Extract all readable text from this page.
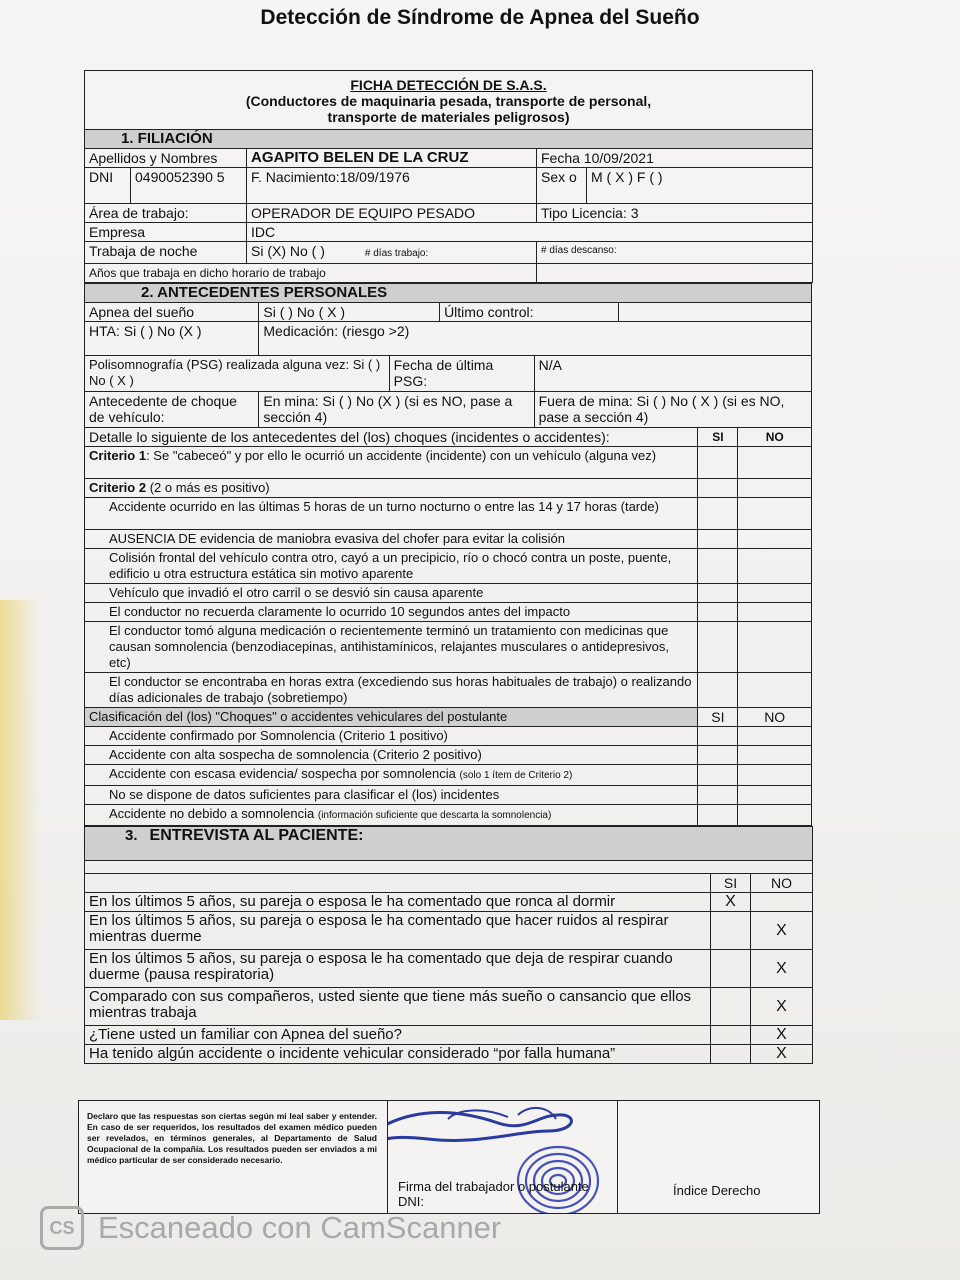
Detección de Síndrome de Apnea del Sueño
FICHA DETECCIÓN DE S.A.S.
(Conductores de maquinaria pesada, transporte de personal,
transporte de materiales peligrosos)				

1. FILIACIÓN				
Apellidos y Nombres		AGAPITO BELEN DE LA CRUZ	Fecha 10/09/2021	
DNI	0490052390 5	F. Nacimiento:18/09/1976	Sex o	M ( X ) F ( )
Área de trabajo:		OPERADOR DE EQUIPO PESADO	Tipo Licencia: 3	
Empresa		IDC		
Trabaja de noche		Si (X) No ( ) # días trabajo:	# días descanso:	
Años que trabaja en dicho horario de trabajo				
2. ANTECEDENTES PERSONALES							
Apnea del sueño	Si ( ) No ( X )		Último control:				
HTA: Si ( ) No (X )	Medicación: (riesgo >2)						
Polisomnografía (PSG) realizada alguna vez: Si ( ) No ( X )		Fecha de última PSG:		N/A			
Antecedente de choque de vehículo:	En mina: Si ( ) No (X ) (si es NO, pase a sección 4)			Fuera de mina: Si ( ) No ( X ) (si es NO, pase a sección 4)			
Detalle lo siguiente de los antecedentes del (los) choques (incidentes o accidentes):						SI	NO
Criterio 1: Se "cabeceó" y por ello le ocurrió un accidente (incidente) con un vehículo (alguna vez)							
Criterio 2 (2 o más es positivo)							
Accidente ocurrido en las últimas 5 horas de un turno nocturno o entre las 14 y 17 horas (tarde)							
AUSENCIA DE evidencia de maniobra evasiva del chofer para evitar la colisión							
Colisión frontal del vehículo contra otro, cayó a un precipicio, río o chocó contra un poste, puente, edificio u otra estructura estática sin motivo aparente							
Vehículo que invadió el otro carril o se desvió sin causa aparente							
El conductor no recuerda claramente lo ocurrido 10 segundos antes del impacto							
El conductor tomó alguna medicación o recientemente terminó un tratamiento con medicinas que causan somnolencia (benzodiacepinas, antihistamínicos, relajantes musculares o antidepresivos, etc)							
El conductor se encontraba en horas extra (excediendo sus horas habituales de trabajo) o realizando días adicionales de trabajo (sobretiempo)							
Clasificación del (los) "Choques" o accidentes vehiculares del postulante						SI	NO
Accidente confirmado por Somnolencia (Criterio 1 positivo)							
Accidente con alta sospecha de somnolencia (Criterio 2 positivo)							
Accidente con escasa evidencia/ sospecha por somnolencia (solo 1 ítem de Criterio 2)							
No se dispone de datos suficientes para clasificar el (los) incidentes							
Accidente no debido a somnolencia (información suficiente que descarta la somnolencia)							
3. ENTREVISTA AL PACIENTE:		

	SI	NO
En los últimos 5 años, su pareja o esposa le ha comentado que ronca al dormir	X	
En los últimos 5 años, su pareja o esposa le ha comentado que hacer ruidos al respirar mientras duerme		X
En los últimos 5 años, su pareja o esposa le ha comentado que deja de respirar cuando duerme (pausa respiratoria)		X
Comparado con sus compañeros, usted siente que tiene más sueño o cansancio que ellos mientras trabaja		X
¿Tiene usted un familiar con Apnea del sueño?		X
Ha tenido algún accidente o incidente vehicular considerado “por falla humana”		X
Declaro que las respuestas son ciertas según mi leal saber y entender. En caso de ser requeridos, los resultados del examen médico pueden ser revelados, en términos generales, al Departamento de Salud Ocupacional de la compañía. Los resultados pueden ser enviados a mi médico particular de ser considerado necesario.
Firma del trabajador o postulante
DNI:
Índice Derecho
CS Escaneado con CamScanner
